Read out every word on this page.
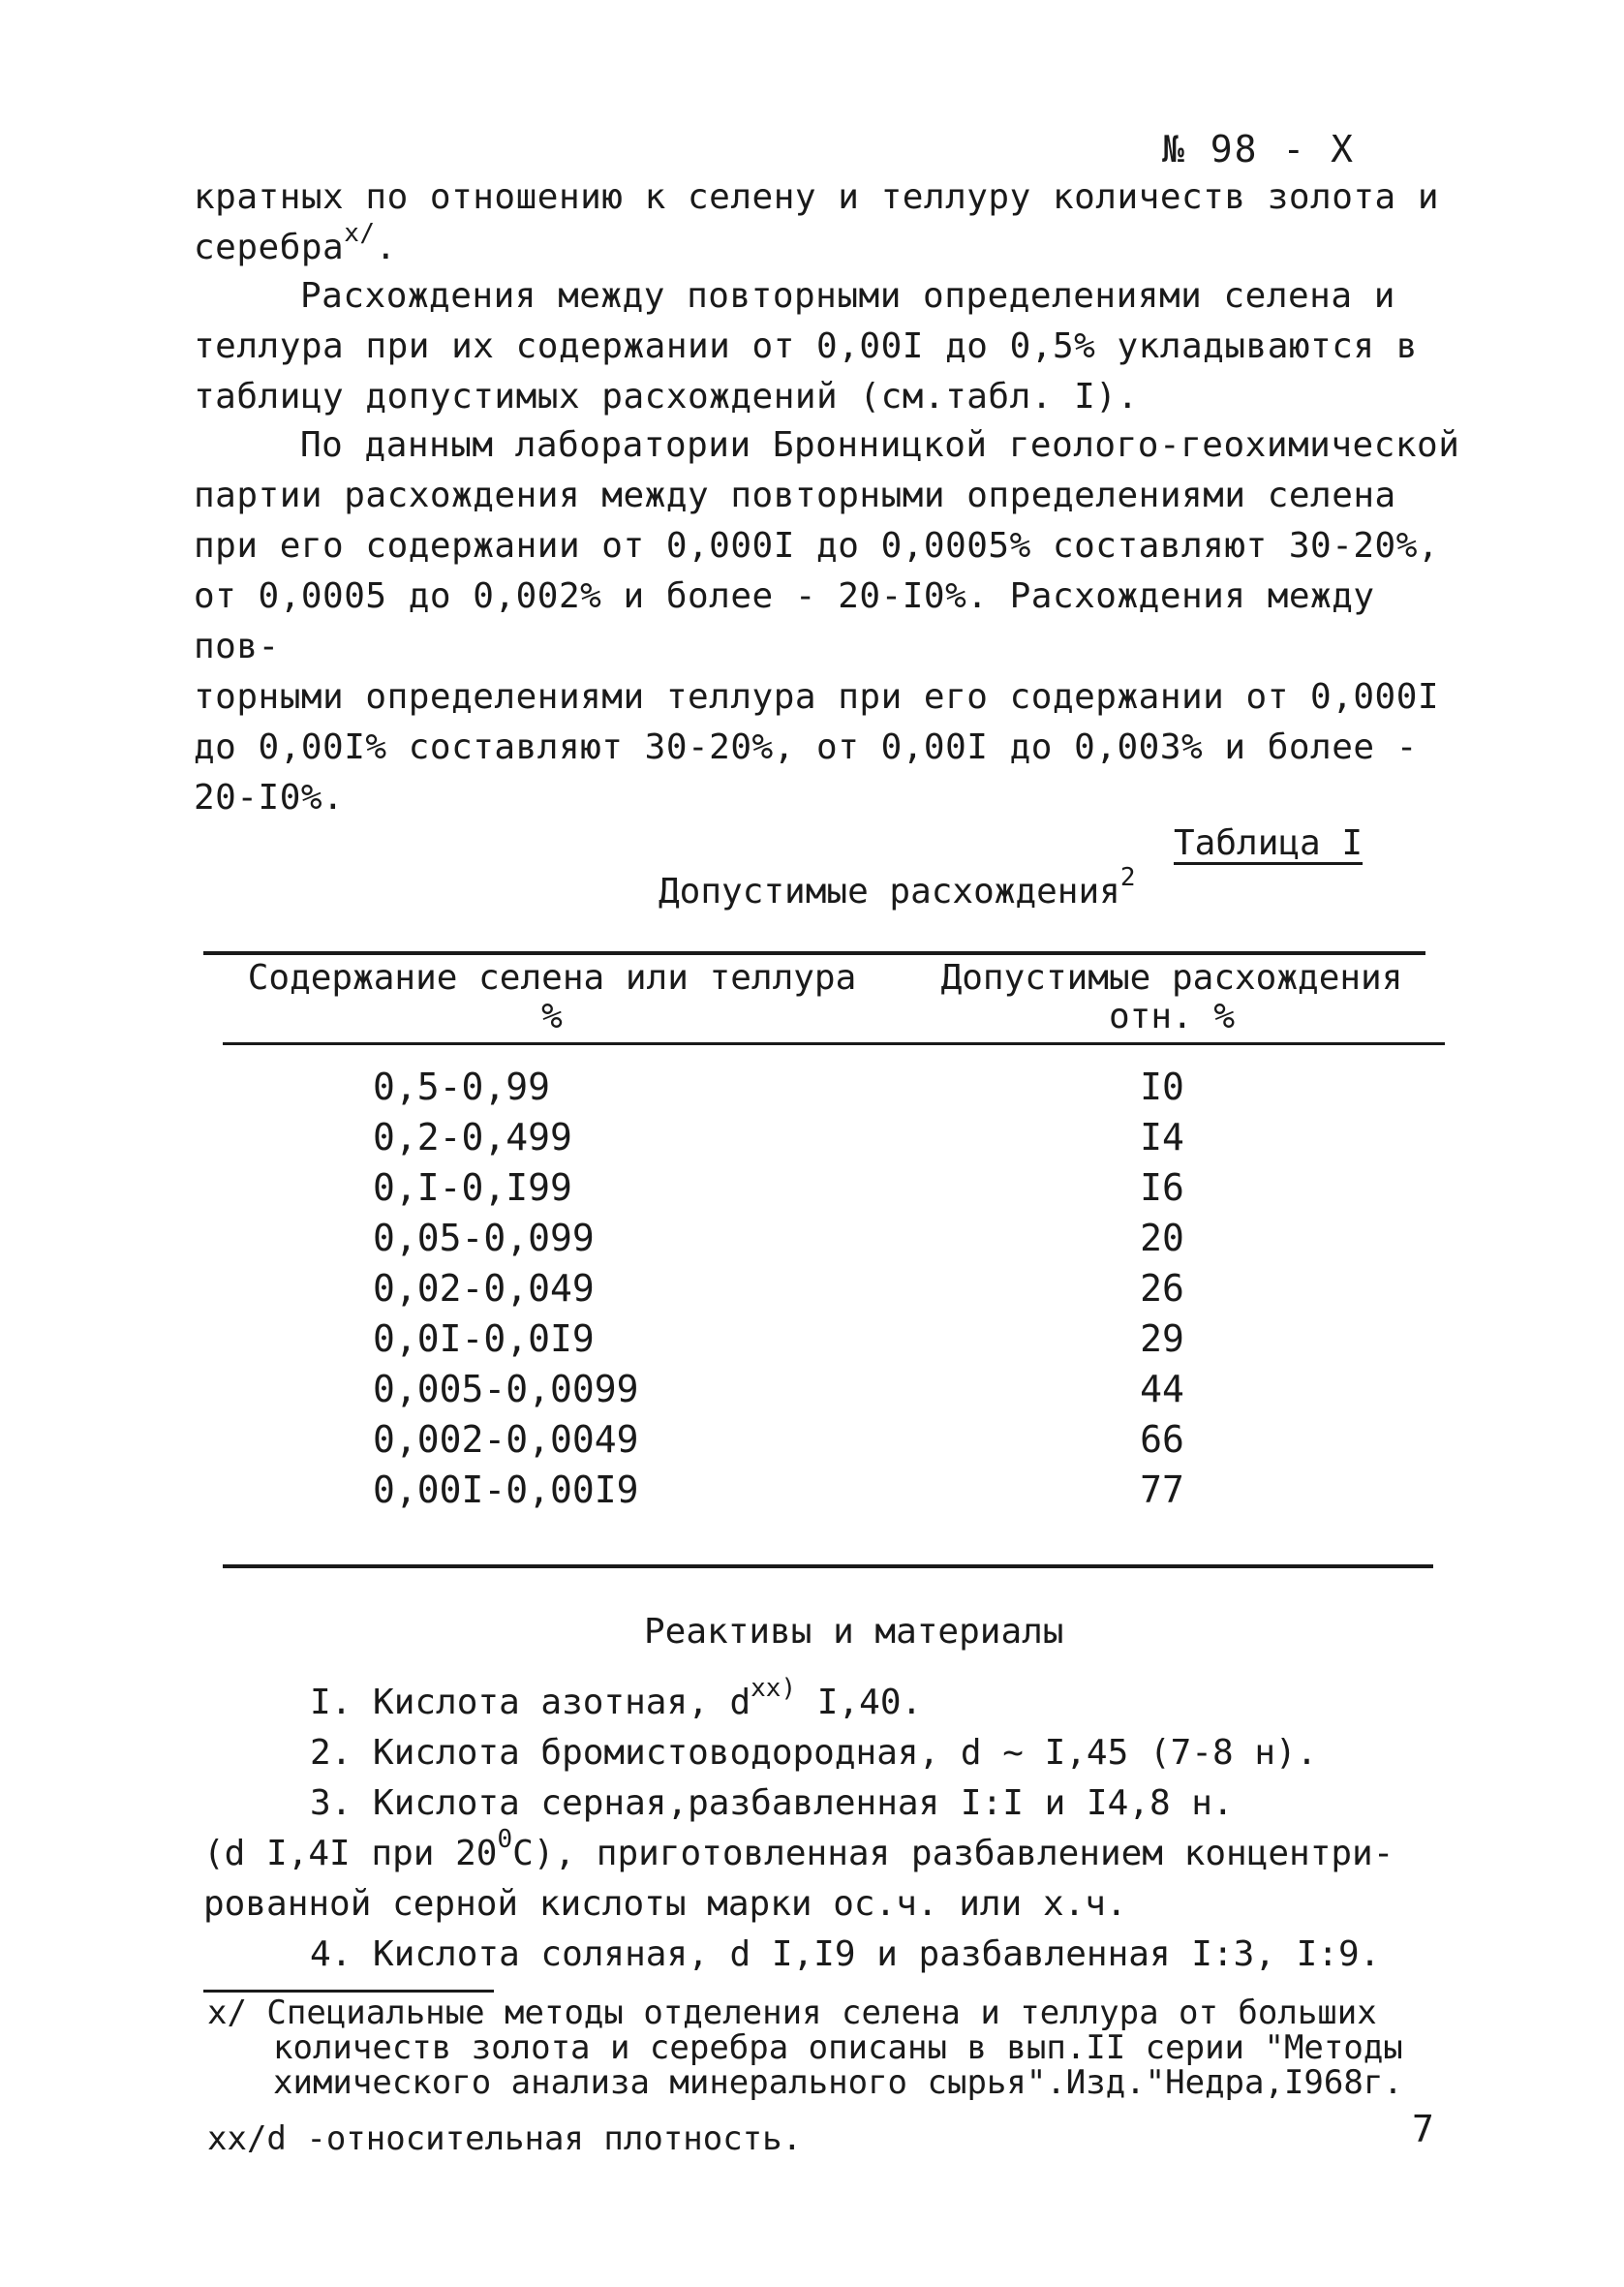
№ 98 - X

кратных по отношению к селену и теллуру количеств золота и

серебра$^{x/}$.

Расхождения между повторными определениями селена и

теллура при их содержании от 0,00I до 0,5% укладываются в

таблицу допустимых расхождений (см.табл. I).

По данным лаборатории Бронницкой геолого-геохимической

партии расхождения между повторными определениями селена

при его содержании от 0,000I до 0,0005% составляют 30-20%,

от 0,0005 до 0,002% и более - 20-I0%. Расхождения между пов-

торными определениями теллура при его содержании от 0,000I

до 0,00I% составляют 30-20%, от 0,00I до 0,003% и более -

20-I0%.

Таблица I
Допустимые расхождения$^2$
Содержание селена или теллура
%
Допустимые расхождения
отн. %
0,5-0,99	I0
0,2-0,499	I4
0,I-0,I99	I6
0,05-0,099	20
0,02-0,049	26
0,0I-0,0I9	29
0,005-0,0099	44
0,002-0,0049	66
0,00I-0,00I9	77
Реактивы и материалы

I. Кислота азотная, $d^{xx)}$ I,40.

2. Кислота бромистоводородная, d ~ I,45 (7-8 н).

3. Кислота серная,разбавленная I:I и I4,8 н.

(d I,4I при $20^0С$), приготовленная разбавлением концентри-

рованной серной кислоты марки ос.ч. или х.ч.

4. Кислота соляная, d I,I9 и разбавленная I:3, I:9.

x/ Специальные методы отделения селена и теллура от больших

количеств золота и серебра описаны в вып.II серии "Методы

химического анализа минерального сырья".Изд."Недра,I968г.

xx/d -относительная плотность.	7
